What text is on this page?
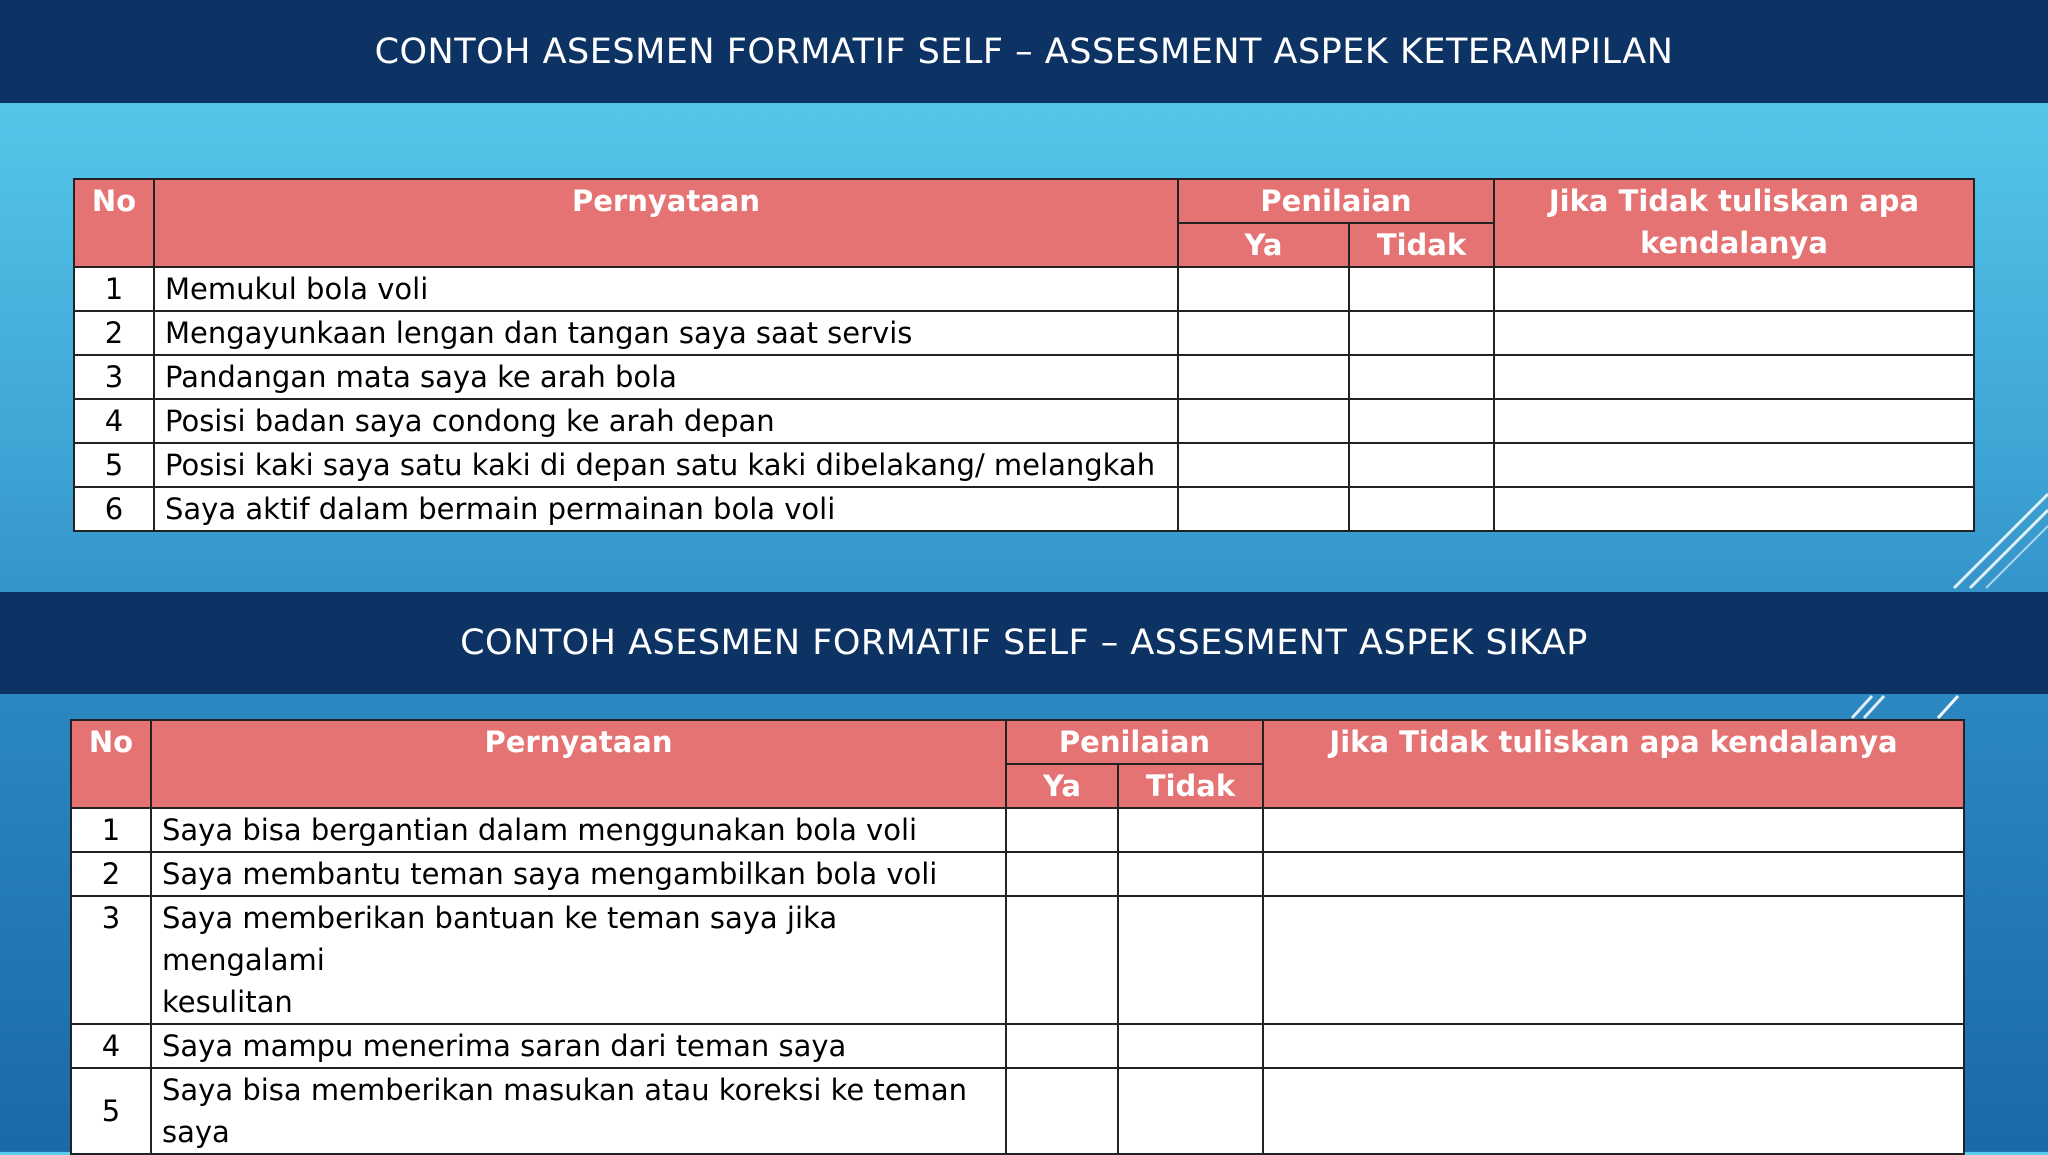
CONTOH ASESMEN FORMATIF SELF – ASSESMENT ASPEK KETERAMPILAN
No	Pernyataan	Penilaian		Jika Tidak tuliskan apa
kendalanya

		Ya	Tidak	
1	Memukul bola voli			
2	Mengayunkaan lengan dan tangan saya saat servis			
3	Pandangan mata saya ke arah bola			
4	Posisi badan saya condong ke arah depan			
5	Posisi kaki saya satu kaki di depan satu kaki dibelakang/ melangkah			
6	Saya aktif dalam bermain permainan bola voli			
CONTOH ASESMEN FORMATIF SELF – ASSESMENT ASPEK SIKAP
No	Pernyataan	Penilaian		Jika Tidak tuliskan apa kendalanya
		Ya	Tidak	
1	Saya bisa bergantian dalam menggunakan bola voli			
2	Saya membantu teman saya mengambilkan bola voli			
3	Saya memberikan bantuan ke teman saya jika mengalami
kesulitan			

4	Saya mampu menerima saran dari teman saya			
5	Saya bisa memberikan masukan atau koreksi ke teman saya			
